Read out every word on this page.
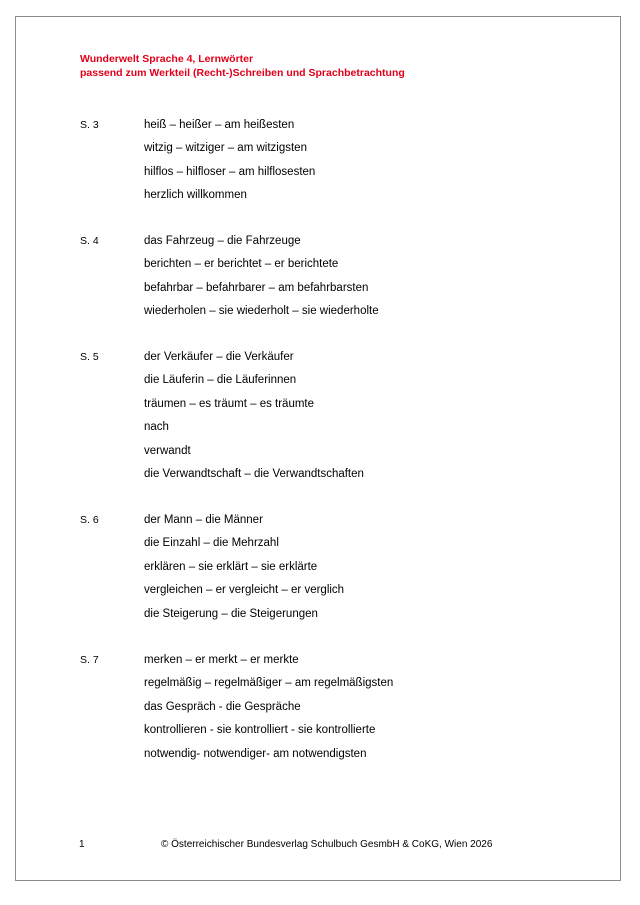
Wunderwelt Sprache 4, Lernwörter
passend zum Werkteil (Recht-)Schreiben und Sprachbetrachtung
S. 3	heiß – heißer – am heißesten
witzig – witziger – am witzigsten
hilflos – hilfloser – am hilflosesten
herzlich willkommen
S. 4	das Fahrzeug – die Fahrzeuge
berichten – er berichtet – er berichtete
befahrbar – befahrbarer – am befahrbarsten
wiederholen – sie wiederholt – sie wiederholte
S. 5	der Verkäufer – die Verkäufer
die Läuferin – die Läuferinnen
träumen – es träumt – es träumte
nach
verwandt
die Verwandtschaft – die Verwandtschaften
S. 6	der Mann – die Männer
die Einzahl – die Mehrzahl
erklären – sie erklärt – sie erklärte
vergleichen – er vergleicht – er verglich
die Steigerung – die Steigerungen
S. 7	merken – er merkt – er merkte
regelmäßig – regelmäßiger – am regelmäßigsten
das Gespräch - die Gespräche
kontrollieren - sie kontrolliert - sie kontrollierte
notwendig- notwendiger- am notwendigsten
1	© Österreichischer Bundesverlag Schulbuch GesmbH & CoKG, Wien 2026
